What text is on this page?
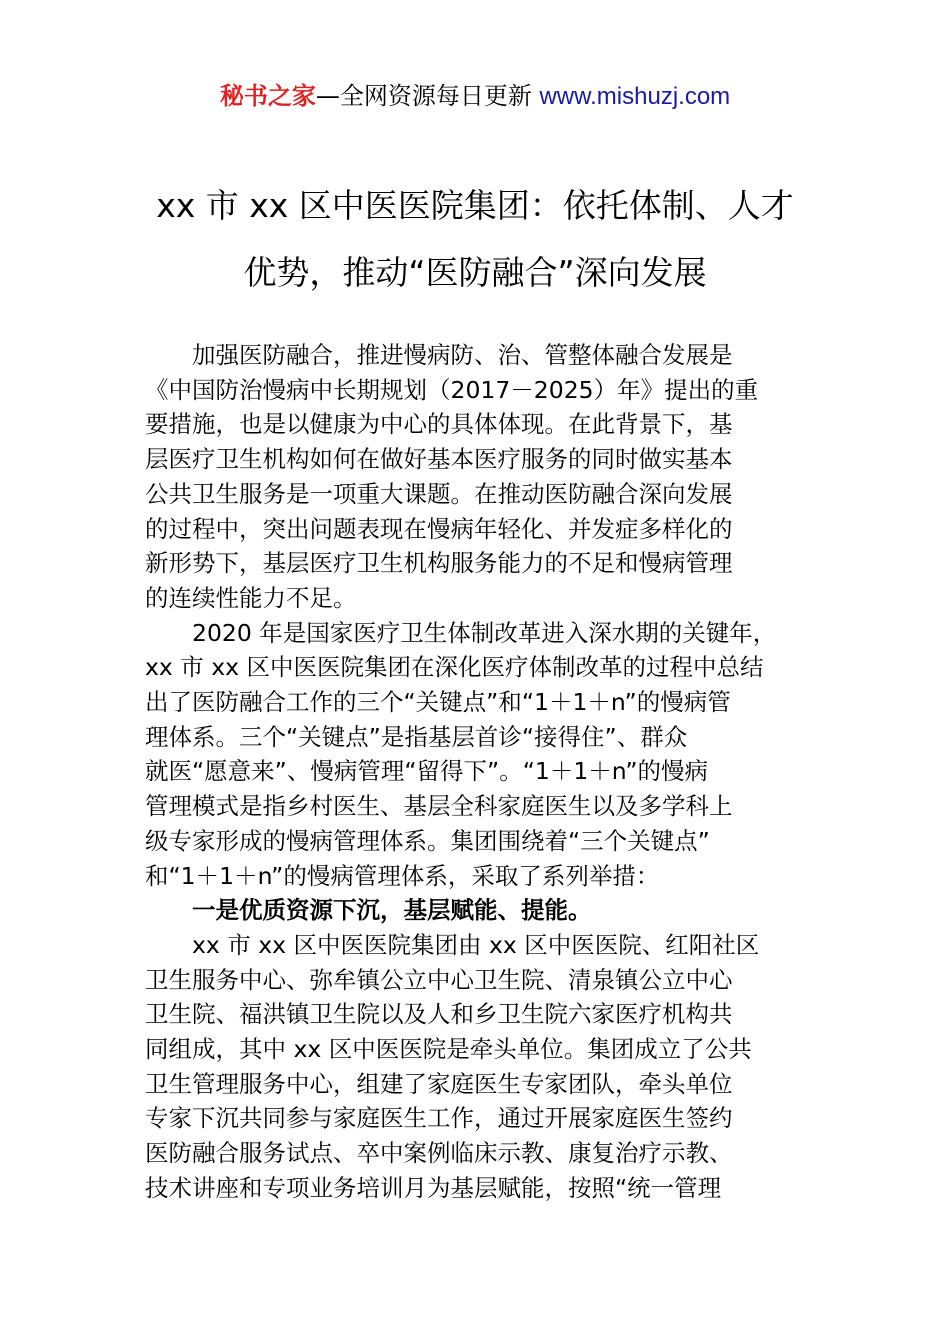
秘书之家—全网资源每日更新 www.mishuzj.com
xx 市 xx 区中医医院集团：依托体制、人才
优势，推动“医防融合”深向发展

加强医防融合，推进慢病防、治、管整体融合发展是
《中国防治慢病中长期规划（2017－2025）年》提出的重
要措施，也是以健康为中心的具体体现。在此背景下，基
层医疗卫生机构如何在做好基本医疗服务的同时做实基本
公共卫生服务是一项重大课题。在推动医防融合深向发展
的过程中，突出问题表现在慢病年轻化、并发症多样化的
新形势下，基层医疗卫生机构服务能力的不足和慢病管理
的连续性能力不足。

2020 年是国家医疗卫生体制改革进入深水期的关键年，
xx 市 xx 区中医医院集团在深化医疗体制改革的过程中总结
出了医防融合工作的三个“关键点”和“1＋1＋n”的慢病管
理体系。三个“关键点”是指基层首诊“接得住”、群众
就医“愿意来”、慢病管理“留得下”。“1＋1＋n”的慢病
管理模式是指乡村医生、基层全科家庭医生以及多学科上
级专家形成的慢病管理体系。集团围绕着“三个关键点”
和“1＋1＋n”的慢病管理体系，采取了系列举措：

一是优质资源下沉，基层赋能、提能。

xx 市 xx 区中医医院集团由 xx 区中医医院、红阳社区
卫生服务中心、弥牟镇公立中心卫生院、清泉镇公立中心
卫生院、福洪镇卫生院以及人和乡卫生院六家医疗机构共
同组成，其中 xx 区中医医院是牵头单位。集团成立了公共
卫生管理服务中心，组建了家庭医生专家团队，牵头单位
专家下沉共同参与家庭医生工作，通过开展家庭医生签约
医防融合服务试点、卒中案例临床示教、康复治疗示教、
技术讲座和专项业务培训月为基层赋能，按照“统一管理
